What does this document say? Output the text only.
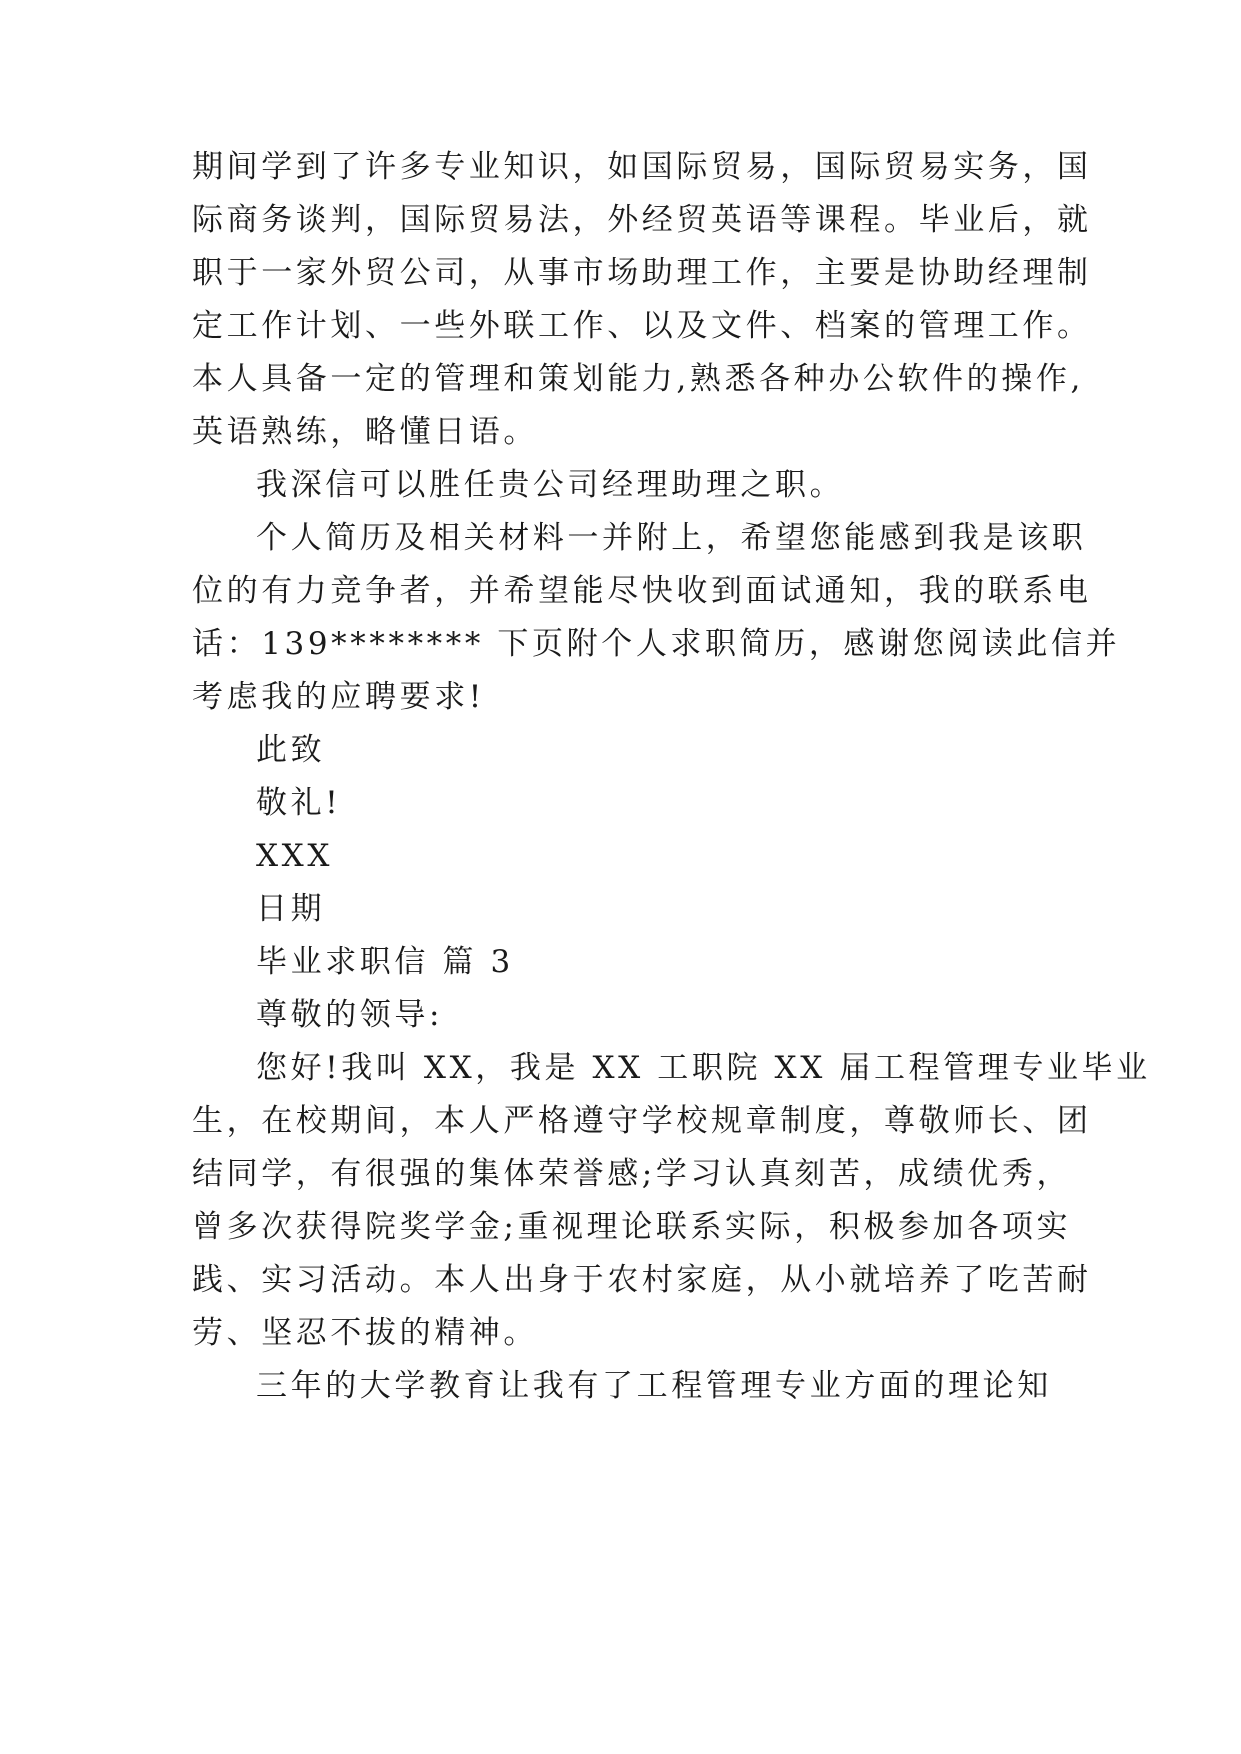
期间学到了许多专业知识，如国际贸易，国际贸易实务，国
际商务谈判，国际贸易法，外经贸英语等课程。毕业后，就
职于一家外贸公司，从事市场助理工作，主要是协助经理制
定工作计划、一些外联工作、以及文件、档案的管理工作。
本人具备一定的管理和策划能力,熟悉各种办公软件的操作,
英语熟练，略懂日语。
我深信可以胜任贵公司经理助理之职。
个人简历及相关材料一并附上，希望您能感到我是该职
位的有力竞争者，并希望能尽快收到面试通知，我的联系电
话：139******** 下页附个人求职简历，感谢您阅读此信并
考虑我的应聘要求!
此致
敬礼!
XXX
日期
毕业求职信 篇 3
尊敬的领导:
您好!我叫 XX，我是 XX 工职院 XX 届工程管理专业毕业
生，在校期间，本人严格遵守学校规章制度，尊敬师长、团
结同学，有很强的集体荣誉感;学习认真刻苦，成绩优秀，
曾多次获得院奖学金;重视理论联系实际，积极参加各项实
践、实习活动。本人出身于农村家庭，从小就培养了吃苦耐
劳、坚忍不拔的精神。
三年的大学教育让我有了工程管理专业方面的理论知
